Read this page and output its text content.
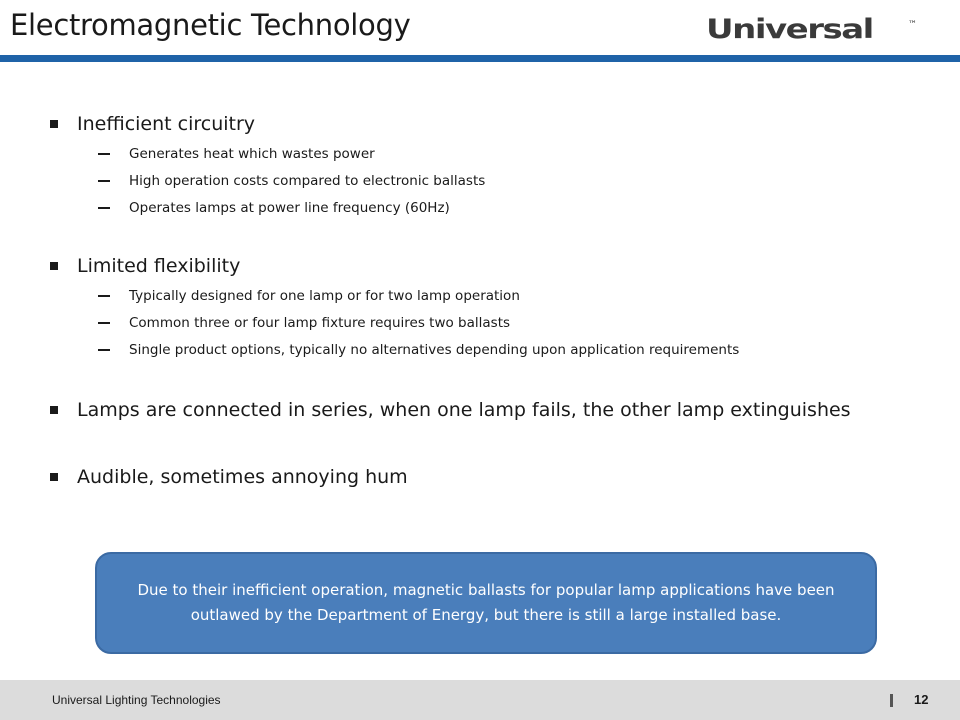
Electromagnetic Technology	Universal	™
Inefficient circuitry
Generates heat which wastes power
High operation costs compared to electronic ballasts
Operates lamps at power line frequency (60Hz)
Limited flexibility
Typically designed for one lamp or for two lamp operation
Common three or four lamp fixture requires two ballasts
Single product options, typically no alternatives depending upon application requirements
Lamps are connected in series, when one lamp fails, the other lamp extinguishes
Audible, sometimes annoying hum

Due to their inefficient operation, magnetic ballasts for popular lamp applications have been outlawed by the Department of Energy, but there is still a large installed base.

Universal Lighting Technologies	12
